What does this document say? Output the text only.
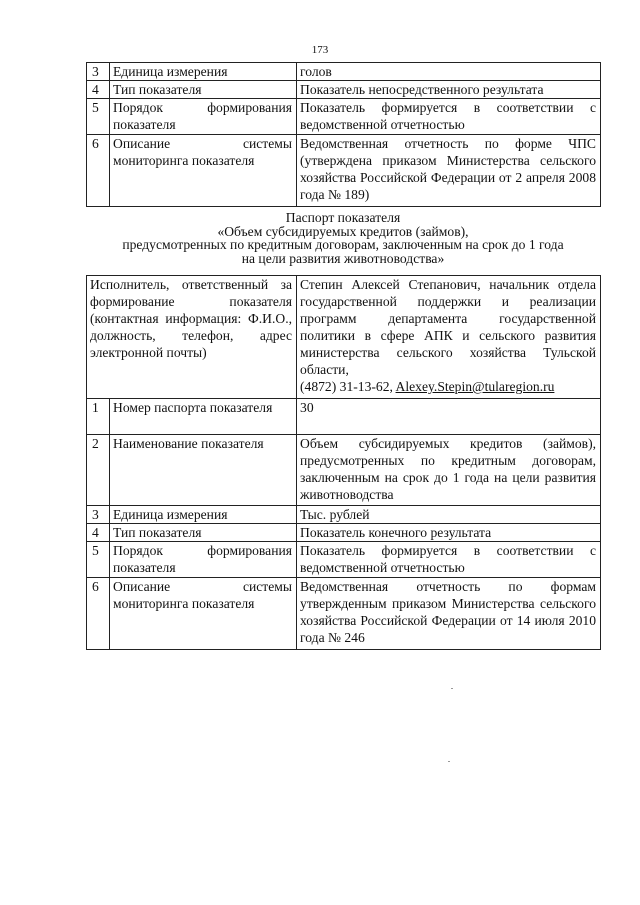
173
3	Единица измерения	голов
4	Тип показателя	Показатель непосредственного результата
5	Порядок формирования показателя	Показатель формируется в соответствии с ведомственной отчетностью
6	Описание системы мониторинга показателя	Ведомственная отчетность по форме ЧПС (утверждена приказом Министерства сельского хозяйства Российской Федерации от 2 апреля 2008 года № 189)
Паспорт показателя
«Объем субсидируемых кредитов (займов),
предусмотренных по кредитным договорам, заключенным на срок до 1 года
на цели развития животноводства»
Исполнитель, ответственный за формирование показателя (контактная информация: Ф.И.О., должность, телефон, адрес электронной почты)		Степин Алексей Степанович, начальник отдела государственной поддержки и реализации программ департамента государственной политики в сфере АПК и сельского развития министерства сельского хозяйства Тульской области,
(4872) 31-13-62, Alexey.Stepin@tularegion.ru

1	Номер паспорта показателя	30
2	Наименование показателя	Объем субсидируемых кредитов (займов), предусмотренных по кредитным договорам, заключенным на срок до 1 года на цели развития животноводства
3	Единица измерения	Тыс. рублей
4	Тип показателя	Показатель конечного результата
5	Порядок формирования показателя	Показатель формируется в соответствии с ведомственной отчетностью
6	Описание системы мониторинга показателя	Ведомственная отчетность по формам утвержденным приказом Министерства сельского хозяйства Российской Федерации от 14 июля 2010 года № 246
